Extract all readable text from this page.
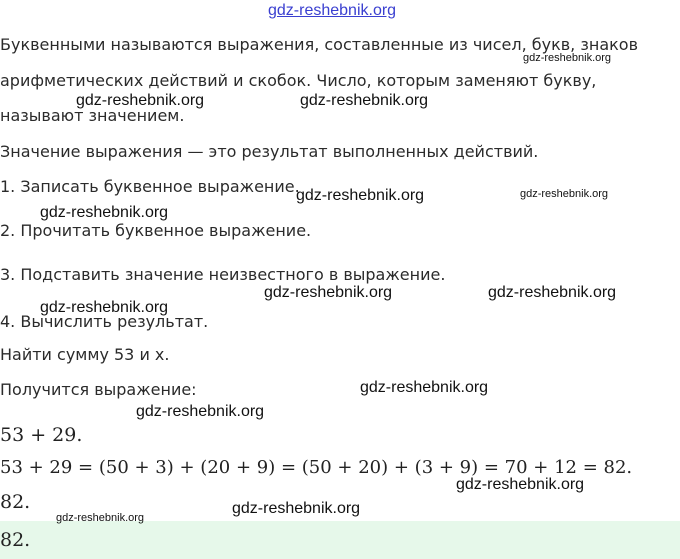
gdz-reshebnik.org
Буквенными называются выражения, составленные из чисел, букв, знаков
gdz-reshebnik.org
арифметических действий и скобок. Число, которым заменяют букву,
gdz-reshebnik.org	gdz-reshebnik.org
называют значением.
Значение выражения — это результат выполненных действий.
1. Записать буквенное выражение.
gdz-reshebnik.org	gdz-reshebnik.org
gdz-reshebnik.org
2. Прочитать буквенное выражение.
3. Подставить значение неизвестного в выражение.
gdz-reshebnik.org	gdz-reshebnik.org
4. Вычислить результат.
gdz-reshebnik.org
Найти сумму 53 и x.
Получится выражение:	gdz-reshebnik.org
gdz-reshebnik.org
53 + 29.
53 + 29 = (50 + 3) + (20 + 9) = (50 + 20) + (3 + 9) = 70 + 12 = 82.
gdz-reshebnik.org
82.	gdz-reshebnik.org
gdz-reshebnik.org
82.
